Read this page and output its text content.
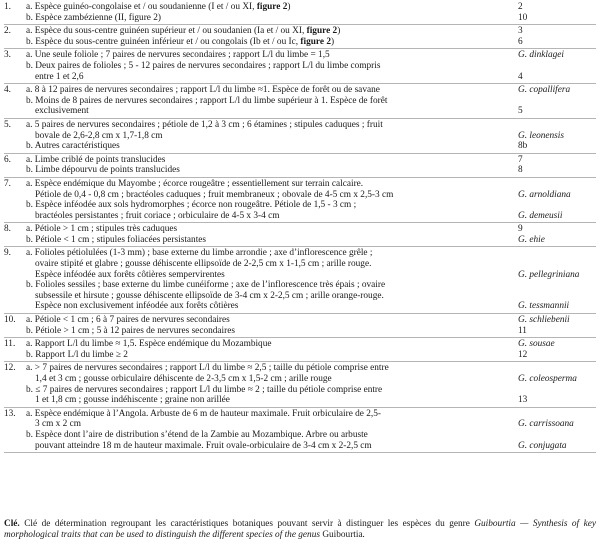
1.	a. Espèce guinéo-congolaise et / ou soudanienne (I et / ou XI, figure 2)	2
b. Espèce zambézienne (II, figure 2)	10
2.	a. Espèce du sous-centre guinéen supérieur et / ou soudanien (Ia et / ou XI, figure 2)	3
b. Espèce du sous-centre guinéen inférieur et / ou congolais (Ib et / ou Ic, figure 2)	6
3.	a. Une seule foliole ; 7 paires de nervures secondaires ; rapport L/l du limbe = 1,5	G. dinklagei
b. Deux paires de folioles ; 5 - 12 paires de nervures secondaires ; rapport L/l du limbe compris
entre 1 et 2,6	4
4.	a. 8 à 12 paires de nervures secondaires ; rapport L/l du limbe ≈1. Espèce de forêt ou de savane	G. copallifera
b. Moins de 8 paires de nervures secondaires ; rapport L/l du limbe supérieur à 1. Espèce de forêt
exclusivement	5
5.	a. 5 paires de nervures secondaires ; pétiole de 1,2 à 3 cm ; 6 étamines ; stipules caduques ; fruit
bovale de 2,6-2,8 cm x 1,7-1,8 cm	G. leonensis
b. Autres caractéristiques	8b
6.	a. Limbe criblé de points translucides	7
b. Limbe dépourvu de points translucides	8
7.	a. Espèce endémique du Mayombe ; écorce rougeâtre ; essentiellement sur terrain calcaire.
Pétiole de 0,4 - 0,8 cm ; bractéoles caduques ; fruit membraneux ; obovale de 4-5 cm x 2,5-3 cm	G. arnoldiana
b. Espèce inféodée aux sols hydromorphes ; écorce non rougeâtre. Pétiole de 1,5 - 3 cm ;
bractéoles persistantes ; fruit coriace ; orbiculaire de 4-5 x 3-4 cm	G. demeusii
8.	a. Pétiole > 1 cm ; stipules très caduques	9
b. Pétiole < 1 cm ; stipules foliacées persistantes	G. ehie
9.	a. Folioles pétiolulées (1-3 mm) ; base externe du limbe arrondie ; axe d’inflorescence grêle ;
ovaire stipité et glabre ; gousse déhiscente ellipsoïde de 2-2,5 cm x 1-1,5 cm ; arille rouge.
Espèce inféodée aux forêts côtières sempervirentes	G. pellegriniana
b. Folioles sessiles ; base externe du limbe cunéiforme ; axe de l’inflorescence très épais ; ovaire
subsessile et hirsute ; gousse déhiscente ellipsoïde de 3-4 cm x 2-2,5 cm ; arille orange-rouge.
Espèce non exclusivement inféodée aux forêts côtières	G. tessmannii
10. a. Pétiole < 1 cm ; 6 à 7 paires de nervures secondaires	G. schliebenii
b. Pétiole > 1 cm ; 5 à 12 paires de nervures secondaires	11
11. a. Rapport L/l du limbe ≈ 1,5. Espèce endémique du Mozambique	G. sousae
b. Rapport L/l du limbe ≥ 2	12
12. a. > 7 paires de nervures secondaires ; rapport L/l du limbe ≈ 2,5 ; taille du pétiole comprise entre
1,4 et 3 cm ; gousse orbiculaire déhiscente de 2-3,5 cm x 1,5-2 cm ; arille rouge	G. coleosperma
b. ≤ 7 paires de nervures secondaires ; rapport L/l du limbe ≈ 2 ; taille du pétiole comprise entre
1 et 1,8 cm ; gousse indéhiscente ; graine non arillée	13
13. a. Espèce endémique à l’Angola. Arbuste de 6 m de hauteur maximale. Fruit orbiculaire de 2,5-
3 cm x 2 cm	G. carrissoana
b. Espèce dont l’aire de distribution s’étend de la Zambie au Mozambique. Arbre ou arbuste
pouvant atteindre 18 m de hauteur maximale. Fruit ovale-orbiculaire de 3-4 cm x 2-2,5 cm	G. conjugata
Clé. Clé de détermination regroupant les caractéristiques botaniques pouvant servir à distinguer les espèces du genre Guibourtia — Synthesis of key morphological traits that can be used to distinguish the different species of the genus Guibourtia.
